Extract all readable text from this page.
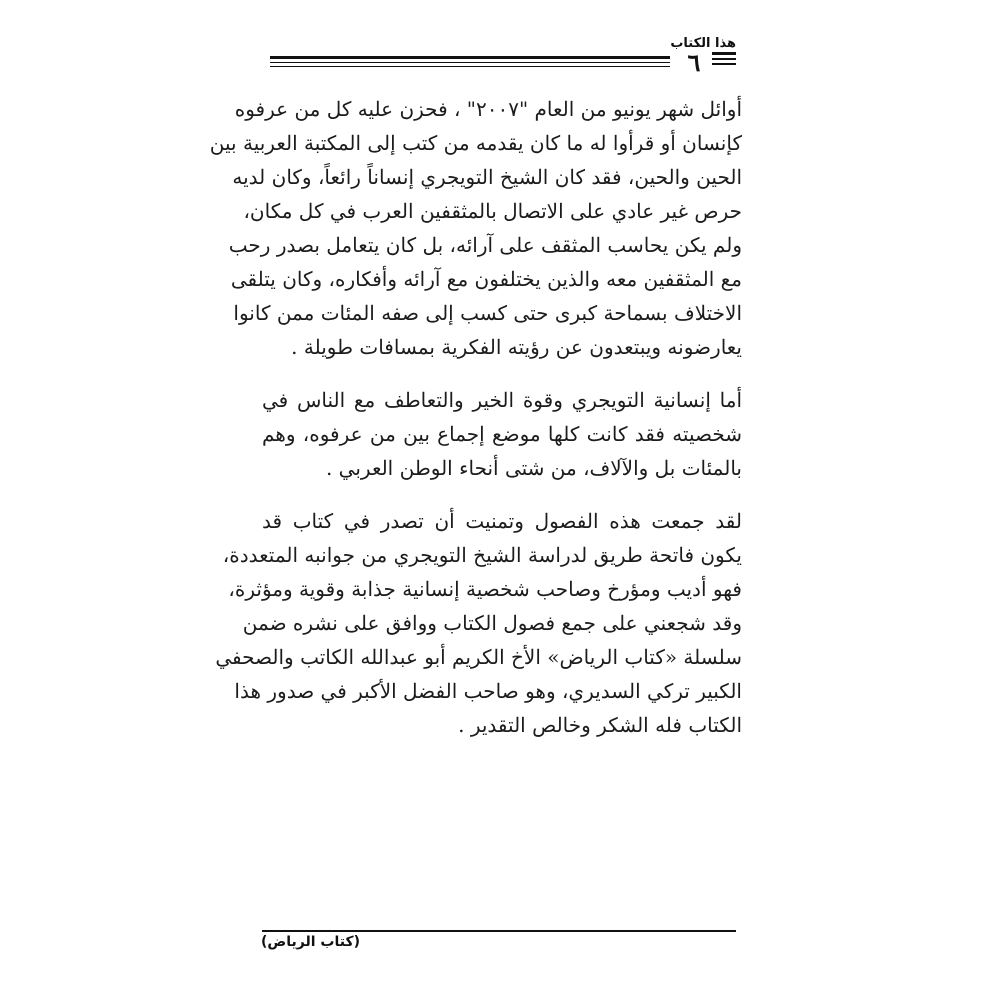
هذا الكتاب
٦

أوائل شهر يونيو من العام "٢٠٠٧" ، فحزن عليه كل من عرفوه
كإنسان أو قرأوا له ما كان يقدمه من كتب إلى المكتبة العربية بين
الحين والحين، فقد كان الشيخ التويجري إنساناً رائعاً، وكان لديه
حرص غير عادي على الاتصال بالمثقفين العرب في كل مكان،
ولم يكن يحاسب المثقف على آرائه، بل كان يتعامل بصدر رحب
مع المثقفين معه والذين يختلفون مع آرائه وأفكاره، وكان يتلقى
الاختلاف بسماحة كبرى حتى كسب إلى صفه المئات ممن كانوا
يعارضونه ويبتعدون عن رؤيته الفكرية بمسافات طويلة .

أما إنسانية التويجري وقوة الخير والتعاطف مع الناس في
شخصيته فقد كانت كلها موضع إجماع بين من عرفوه، وهم
بالمئات بل والآلاف، من شتى أنحاء الوطن العربي .

لقد جمعت هذه الفصول وتمنيت أن تصدر في كتاب قد
يكون فاتحة طريق لدراسة الشيخ التويجري من جوانبه المتعددة،
فهو أديب ومؤرخ وصاحب شخصية إنسانية جذابة وقوية ومؤثرة،
وقد شجعني على جمع فصول الكتاب ووافق على نشره ضمن
سلسلة «كتاب الرياض» الأخ الكريم أبو عبدالله الكاتب والصحفي
الكبير تركي السديري، وهو صاحب الفضل الأكبر في صدور هذا
الكتاب فله الشكر وخالص التقدير .

(كتاب الرياض)
